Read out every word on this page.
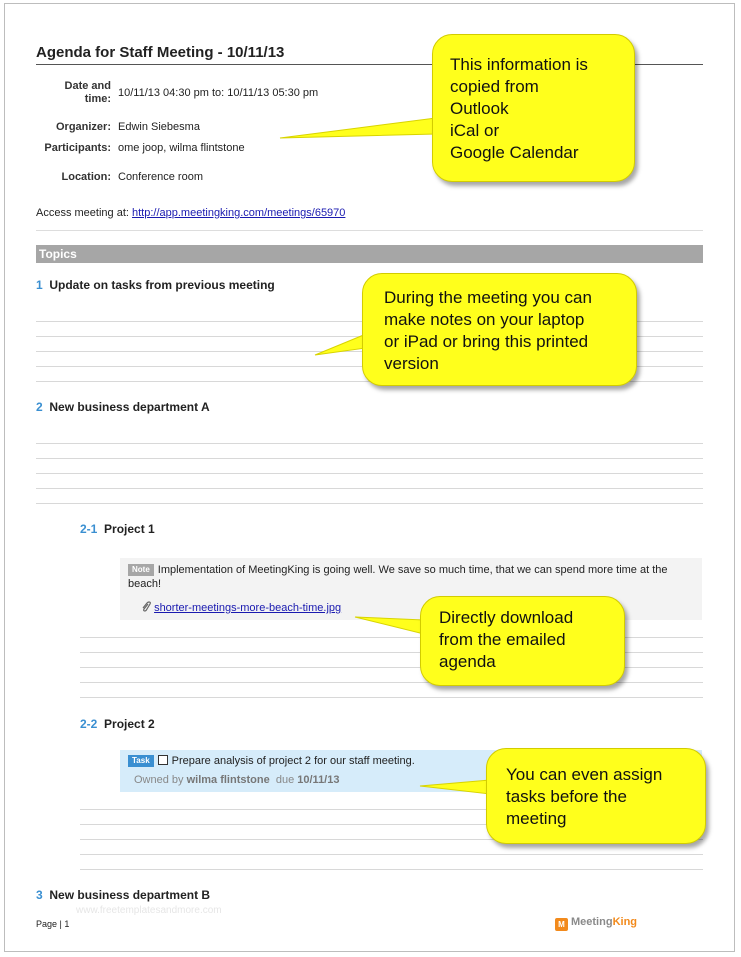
Agenda for Staff Meeting - 10/11/13
Date and
time: 10/11/13 04:30 pm to: 10/11/13 05:30 pm
Organizer: Edwin Siebesma
Participants: ome joop, wilma flintstone
Location: Conference room
Access meeting at: http://app.meetingking.com/meetings/65970
Topics
1 Update on tasks from previous meeting
2 New business department A
2-1 Project 1
Note Implementation of MeetingKing is going well. We save so much time, that we can spend more time at the beach!
shorter-meetings-more-beach-time.jpg
2-2 Project 2
Task Prepare analysis of project 2 for our staff meeting.
Owned by wilma flintstone due 10/11/13
3 New business department B
www.freetemplatesandmore.com
Page | 1	M MeetingKing
This information is
copied from
Outlook
iCal or
Google Calendar
During the meeting you can
make notes on your laptop
or iPad or bring this printed
version
Directly download
from the emailed
agenda
You can even assign
tasks before the
meeting
